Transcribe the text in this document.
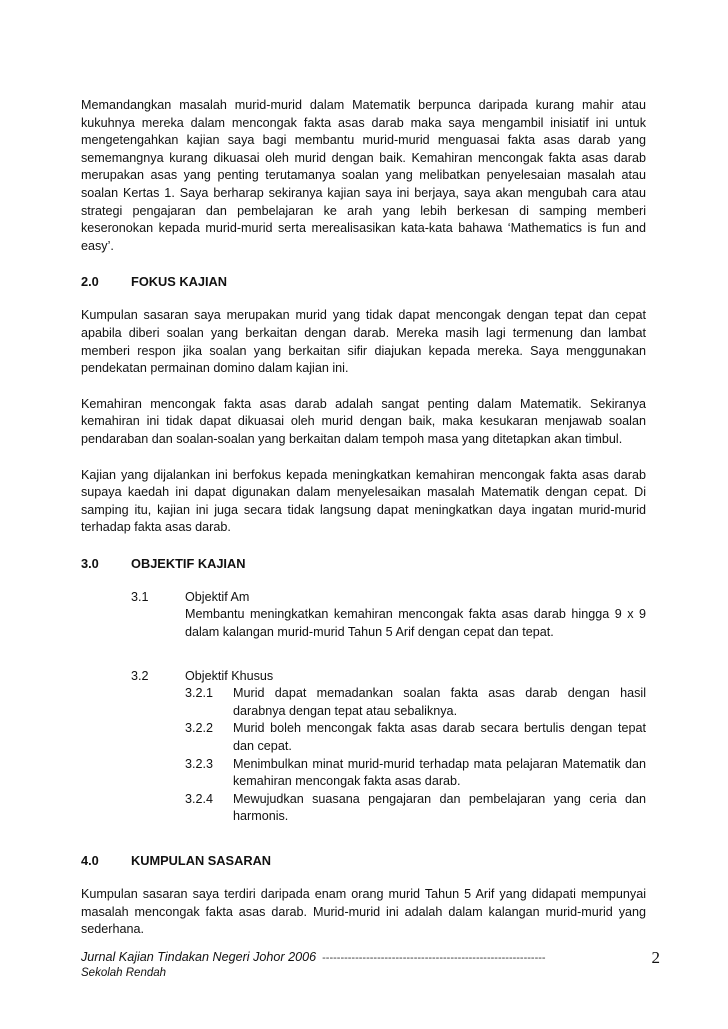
Memandangkan masalah murid-murid dalam Matematik berpunca daripada kurang mahir atau kukuhnya mereka dalam mencongak fakta asas darab maka saya mengambil inisiatif ini untuk mengetengahkan kajian saya bagi membantu murid-murid menguasai fakta asas darab yang sememangnya kurang dikuasai oleh murid dengan baik. Kemahiran mencongak fakta asas darab merupakan asas yang penting terutamanya soalan yang melibatkan penyelesaian masalah atau soalan Kertas 1. Saya berharap sekiranya kajian saya ini berjaya, saya akan mengubah cara atau strategi pengajaran dan pembelajaran ke arah yang lebih berkesan di samping memberi keseronokan kepada murid-murid serta merealisasikan kata-kata bahawa ‘Mathematics is fun and easy’.

2.0	FOKUS KAJIAN

Kumpulan sasaran saya merupakan murid yang tidak dapat mencongak dengan tepat dan cepat apabila diberi soalan yang berkaitan dengan darab. Mereka masih lagi termenung dan lambat memberi respon jika soalan yang berkaitan sifir diajukan kepada mereka. Saya menggunakan pendekatan permainan domino dalam kajian ini.

Kemahiran mencongak fakta asas darab adalah sangat penting dalam Matematik. Sekiranya kemahiran ini tidak dapat dikuasai oleh murid dengan baik, maka kesukaran menjawab soalan pendaraban dan soalan-soalan yang berkaitan dalam tempoh masa yang ditetapkan akan timbul.

Kajian yang dijalankan ini berfokus kepada meningkatkan kemahiran mencongak fakta asas darab supaya kaedah ini dapat digunakan dalam menyelesaikan masalah Matematik dengan cepat. Di samping itu, kajian ini juga secara tidak langsung dapat meningkatkan daya ingatan murid-murid terhadap fakta asas darab.

3.0	OBJEKTIF KAJIAN
3.1	Objektif Am
Membantu meningkatkan kemahiran mencongak fakta asas darab hingga 9 x 9 dalam kalangan murid-murid Tahun 5 Arif dengan cepat dan tepat.
3.2	Objektif Khusus
3.2.1	Murid dapat memadankan soalan fakta asas darab dengan hasil darabnya dengan tepat atau sebaliknya.
3.2.2	Murid boleh mencongak fakta asas darab secara bertulis dengan tepat dan cepat.
3.2.3	Menimbulkan minat murid-murid terhadap mata pelajaran Matematik dan kemahiran mencongak fakta asas darab.
3.2.4	Mewujudkan suasana pengajaran dan pembelajaran yang ceria dan harmonis.
4.0	KUMPULAN SASARAN

Kumpulan sasaran saya terdiri daripada enam orang murid Tahun 5 Arif yang didapati mempunyai masalah mencongak fakta asas darab. Murid-murid ini adalah dalam kalangan murid-murid yang sederhana.

Jurnal Kajian Tindakan Negeri Johor 2006 -------------------------------------------------------------
Sekolah Rendah
2
